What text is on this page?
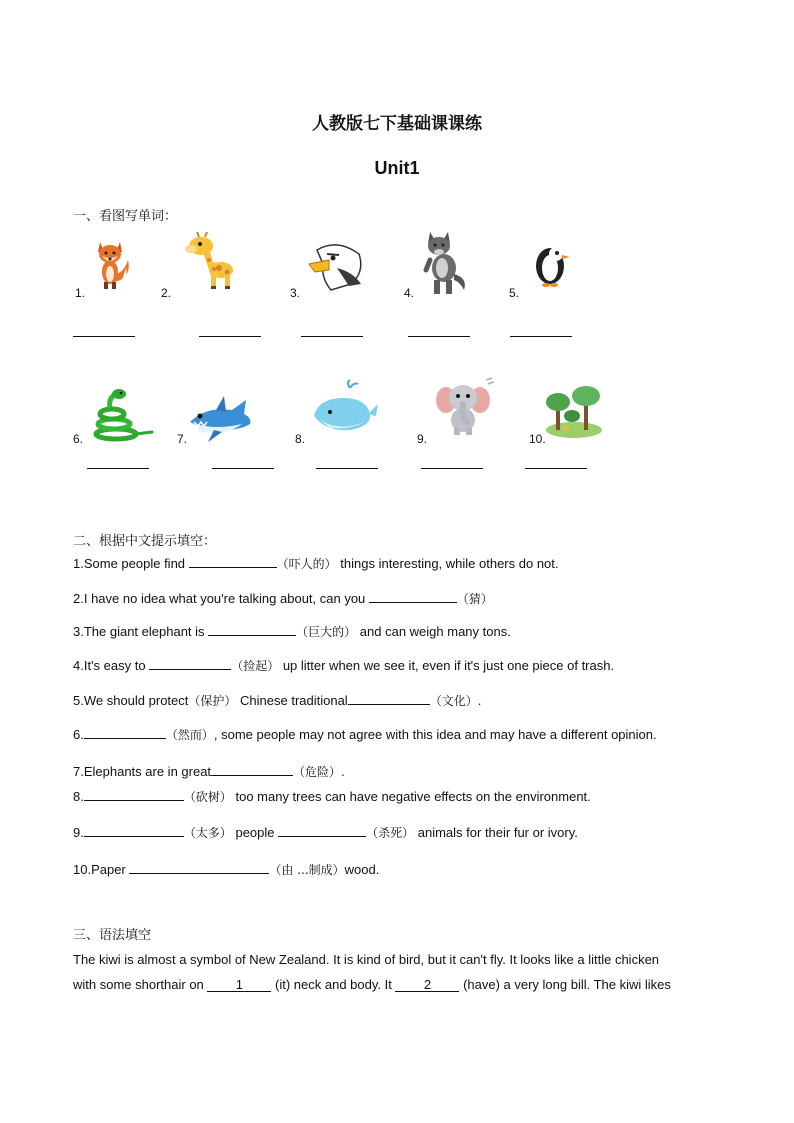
人教版七下基础课课练
Unit1
一、看图写单词：
1.	2.	3.	4.	5.
6.	7.	8.	9.	10.
二、根据中文提示填空：
1.Some people find	（吓人的） things interesting, while others do not.
2.I have no idea what you're talking about, can you	（猜）
3.The giant elephant is	（巨大的） and can weigh many tons.
4.It's easy to	（捡起） up litter when we see it, even if it's just one piece of trash.
5.We should protect（保护） Chinese traditional	（文化）.
6.	（然而）, some people may not agree with this idea and may have a different opinion.
7.Elephants are in great	（危险）.
8.	（砍树） too many trees can have negative effects on the environment.
9.	（太多） people	（杀死） animals for their fur or ivory.
10.Paper	（由 ...制成）wood.
三、语法填空
The kiwi is almost a symbol of New Zealand. It is kind of bird, but it can't fly. It looks like a little chicken
with some shorthair on 1 (it) neck and body. It 2 (have) a very long bill. The kiwi likes
